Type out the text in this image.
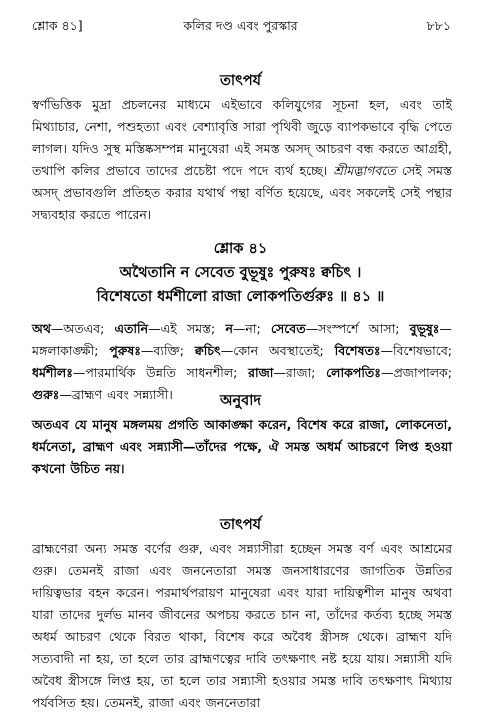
শ্লোক ৪১]	কলির দণ্ড এবং পুরস্কার	৮৮১
তাৎপর্য

স্বর্ণভিত্তিক মুদ্রা প্রচলনের মাধ্যমে এইভাবে কলিযুগের সূচনা হল, এবং তাই মিথ্যাচার, নেশা, পশুহত্যা এবং বেশ্যাবৃত্তি সারা পৃথিবী জুড়ে ব্যাপকভাবে বৃদ্ধি পেতে লাগল। যদিও সুস্থ মস্তিষ্কসম্পন্ন মানুষেরা এই সমস্ত অসদ্ আচরণ বন্ধ করতে আগ্রহী, তথাপি কলির প্রভাবে তাদের প্রচেষ্টা পদে পদে ব্যর্থ হচ্ছে। শ্রীমদ্ভাগবতে সেই সমস্ত অসদ্ প্রভাবগুলি প্রতিহত করার যথার্থ পন্থা বর্ণিত হয়েছে, এবং সকলেই সেই পন্থার সদ্ব্যবহার করতে পারেন।

শ্লোক ৪১
অথৈতানি ন সেবেত বুভূষুঃ পুরুষঃ ক্বচিৎ ।
বিশেষতো ধর্মশীলো রাজা লোকপতির্গুরুঃ ॥ ৪১ ॥

অথ—অতএব; এতানি—এই সমস্ত; ন—না; সেবেত—সংস্পর্শে আসা; বুভূষুঃ—মঙ্গলাকাঙ্ক্ষী; পুরুষঃ—ব্যক্তি; ক্বচিৎ—কোন অবস্থাতেই; বিশেষতঃ—বিশেষভাবে; ধর্মশীলঃ—পারমার্থিক উন্নতি সাধনশীল; রাজা—রাজা; লোকপতিঃ—প্রজাপালক; গুরুঃ—ব্রাহ্মণ এবং সন্ন্যাসী।	অনুবাদ

অতএব যে মানুষ মঙ্গলময় প্রগতি আকাঙ্ক্ষা করেন, বিশেষ করে রাজা, লোকনেতা, ধর্মনেতা, ব্রাহ্মণ এবং সন্ন্যাসী—তাঁদের পক্ষে, ঐ সমস্ত অধর্ম আচরণে লিপ্ত হওয়া কখনো উচিত নয়।

তাৎপর্য

ব্রাহ্মণেরা অন্য সমস্ত বর্ণের গুরু, এবং সন্ন্যাসীরা হচ্ছেন সমস্ত বর্ণ এবং আশ্রমের গুরু। তেমনই রাজা এবং জননেতারা সমস্ত জনসাধারণের জাগতিক উন্নতির দায়িত্বভার বহন করেন। পরমার্থপরায়ণ মানুষেরা এবং যারা দায়িত্বশীল মানুষ অথবা যারা তাদের দুর্লভ মানব জীবনের অপচয় করতে চান না, তাঁদের কর্তব্য হচ্ছে সমস্ত অধর্ম আচরণ থেকে বিরত থাকা, বিশেষ করে অবৈধ স্ত্রীসঙ্গ থেকে। ব্রাহ্মণ যদি সত্যবাদী না হয়, তা হলে তার ব্রাহ্মণত্বের দাবি তৎক্ষণাৎ নষ্ট হয়ে যায়। সন্ন্যাসী যদি অবৈধ স্ত্রীসঙ্গে লিপ্ত হয়, তা হলে তার সন্ন্যাসী হওয়ার সমস্ত দাবি তৎক্ষণাৎ মিথ্যায় পর্যবসিত হয়। তেমনই, রাজা এবং জননেতারা
